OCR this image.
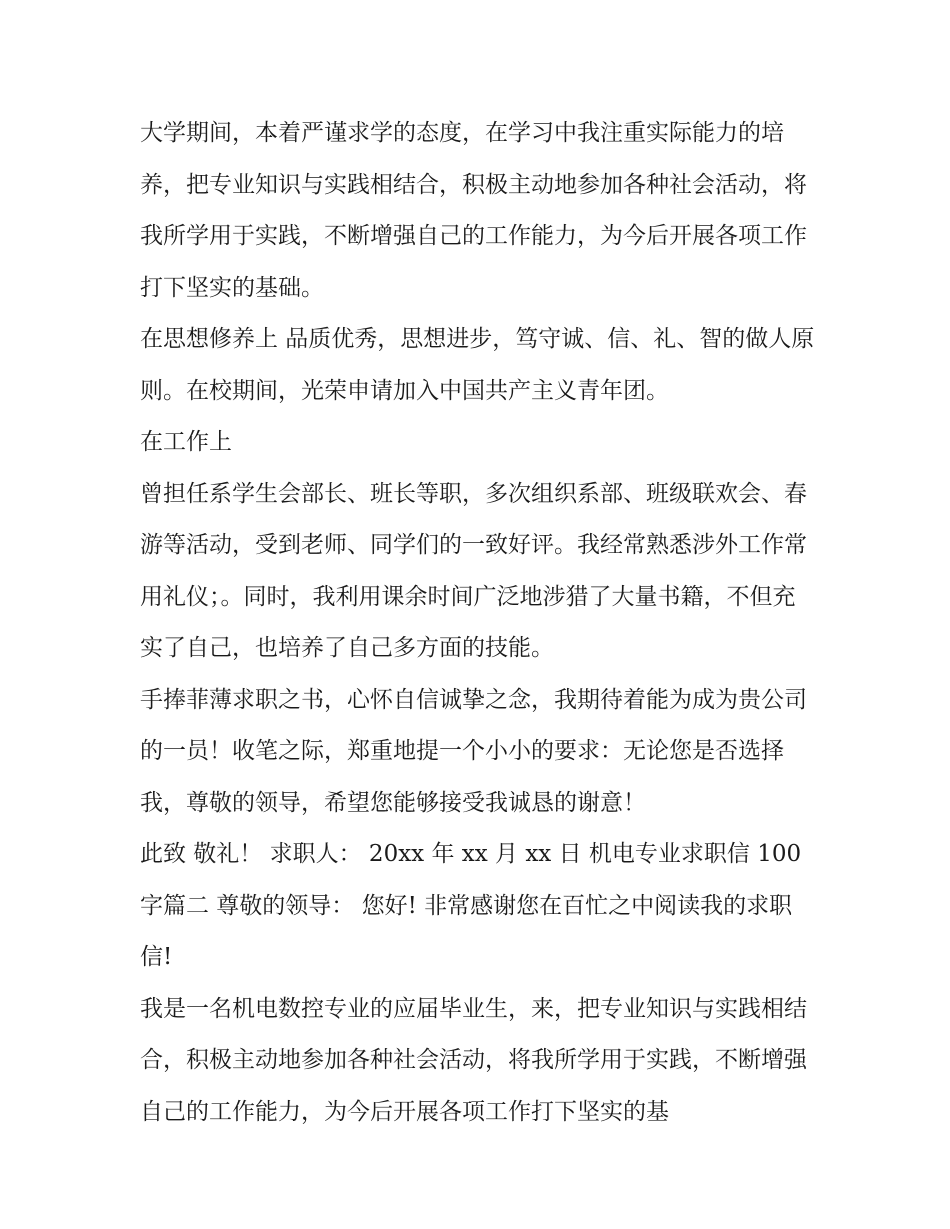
大学期间，本着严谨求学的态度，在学习中我注重实际能力的培养，把专业知识与实践相结合，积极主动地参加各种社会活动，将我所学用于实践，不断增强自己的工作能力，为今后开展各项工作打下坚实的基础。

在思想修养上 品质优秀，思想进步，笃守诚、信、礼、智的做人原则。在校期间，光荣申请加入中国共产主义青年团。

在工作上

曾担任系学生会部长、班长等职，多次组织系部、班级联欢会、春游等活动，受到老师、同学们的一致好评。我经常熟悉涉外工作常用礼仪；。同时，我利用课余时间广泛地涉猎了大量书籍，不但充实了自己，也培养了自己多方面的技能。

手捧菲薄求职之书，心怀自信诚挚之念，我期待着能为成为贵公司的一员！收笔之际，郑重地提一个小小的要求：无论您是否选择我，尊敬的领导，希望您能够接受我诚恳的谢意！

此致 敬礼！ 求职人： 20xx 年 xx 月 xx 日 机电专业求职信 100 字篇二 尊敬的领导： 您好! 非常感谢您在百忙之中阅读我的求职信!

我是一名机电数控专业的应届毕业生，来，把专业知识与实践相结合，积极主动地参加各种社会活动，将我所学用于实践，不断增强自己的工作能力，为今后开展各项工作打下坚实的基
